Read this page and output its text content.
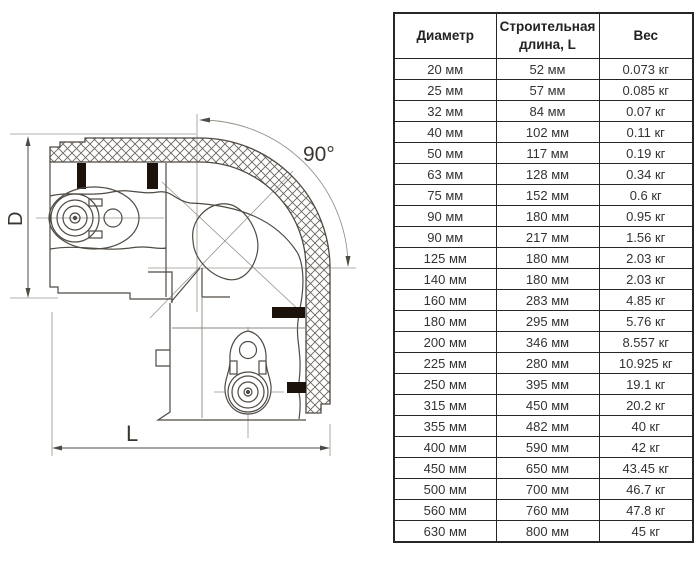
D
L
90°
Диаметр	Строительная длина, L	Вес
20 мм	52 мм	0.073 кг
25 мм	57 мм	0.085 кг
32 мм	84 мм	0.07 кг
40 мм	102 мм	0.11 кг
50 мм	117 мм	0.19 кг
63 мм	128 мм	0.34 кг
75 мм	152 мм	0.6 кг
90 мм	180 мм	0.95 кг
90 мм	217 мм	1.56 кг
125 мм	180 мм	2.03 кг
140 мм	180 мм	2.03 кг
160 мм	283 мм	4.85 кг
180 мм	295 мм	5.76 кг
200 мм	346 мм	8.557 кг
225 мм	280 мм	10.925 кг
250 мм	395 мм	19.1 кг
315 мм	450 мм	20.2 кг
355 мм	482 мм	40 кг
400 мм	590 мм	42 кг
450 мм	650 мм	43.45 кг
500 мм	700 мм	46.7 кг
560 мм	760 мм	47.8 кг
630 мм	800 мм	45 кг
